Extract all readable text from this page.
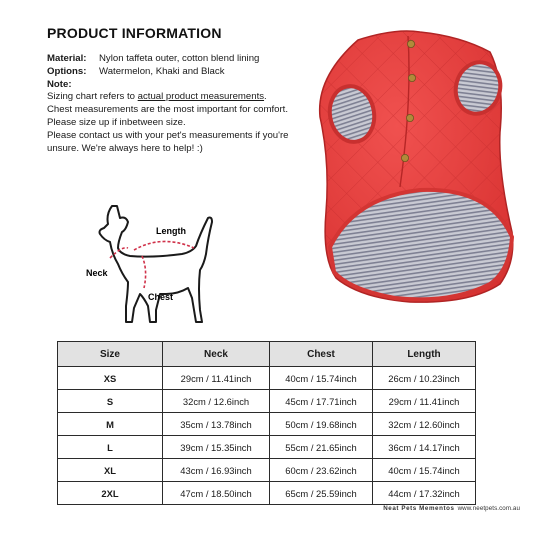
PRODUCT INFORMATION
Material:	Nylon taffeta outer, cotton blend lining
Options:	Watermelon, Khaki and Black

Note:

Sizing chart refers to actual product measurements.

Chest measurements are the most important for comfort.

Please size up if inbetween size.

Please contact us with your pet's measurements if you're unsure. We're always here to help! :)

Length
Neck
Chest
Size	Neck	Chest	Length
XS	29cm / 11.41inch	40cm / 15.74inch	26cm / 10.23inch
S	32cm / 12.6inch	45cm / 17.71inch	29cm / 11.41inch
M	35cm / 13.78inch	50cm / 19.68inch	32cm / 12.60inch
L	39cm / 15.35inch	55cm / 21.65inch	36cm / 14.17inch
XL	43cm / 16.93inch	60cm / 23.62inch	40cm / 15.74inch
2XL	47cm / 18.50inch	65cm / 25.59inch	44cm / 17.32inch
Neat Pets Mementos www.neetpets.com.au
